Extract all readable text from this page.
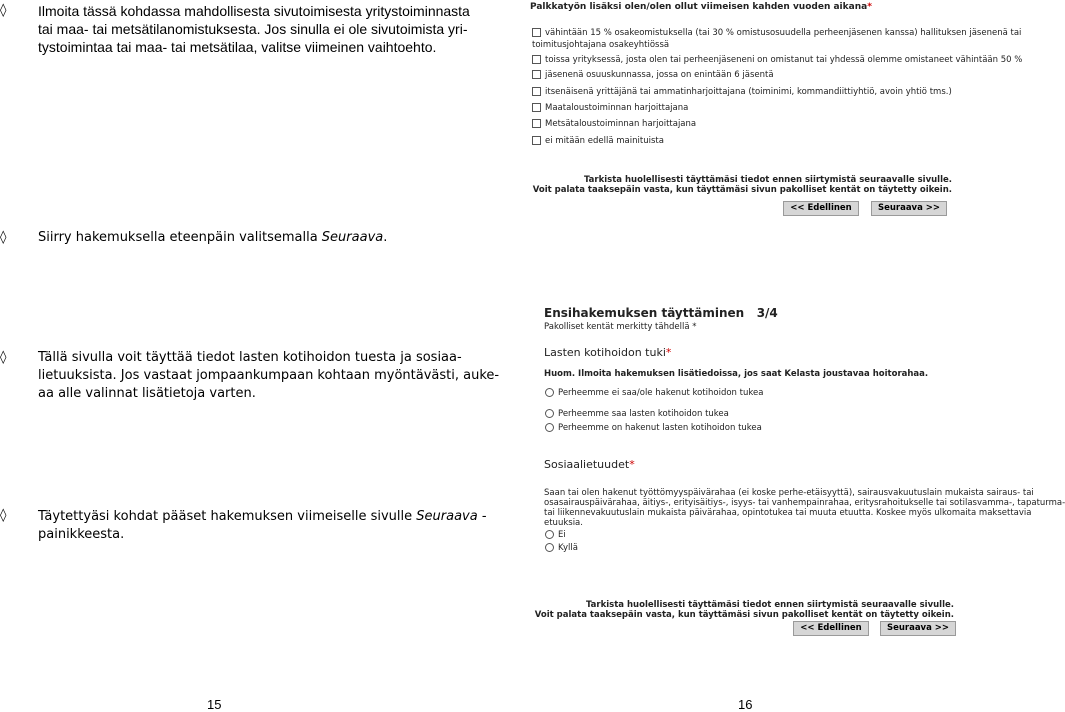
◊ Ilmoita tässä kohdassa mahdollisesta sivutoimisesta yritystoiminnasta
tai maa- tai metsätilanomistuksesta. Jos sinulla ei ole sivutoimista yri-
tystoimintaa tai maa- tai metsätilaa, valitse viimeinen vaihtoehto.
◊ Siirry hakemuksella eteenpäin valitsemalla Seuraava.
◊ Tällä sivulla voit täyttää tiedot lasten kotihoidon tuesta ja sosiaa-
lietuuksista. Jos vastaat jompaankumpaan kohtaan myöntävästi, auke-
aa alle valinnat lisätietoja varten.
◊ Täytettyäsi kohdat pääset hakemuksen viimeiselle sivulle Seuraava -
painikkeesta.
Palkkatyön lisäksi olen/olen ollut viimeisen kahden vuoden aikana*
vähintään 15 % osakeomistuksella (tai 30 % omistusosuudella perheenjäsenen kanssa) hallituksen jäsenenä tai
toimitusjohtajana osakeyhtiössä
toissa yrityksessä, josta olen tai perheenjäseneni on omistanut tai yhdessä olemme omistaneet vähintään 50 %
jäsenenä osuuskunnassa, jossa on enintään 6 jäsentä
itsenäisenä yrittäjänä tai ammatinharjoittajana (toiminimi, kommandiittiyhtiö, avoin yhtiö tms.)
Maataloustoiminnan harjoittajana
Metsätaloustoiminnan harjoittajana
ei mitään edellä mainituista
Tarkista huolellisesti täyttämäsi tiedot ennen siirtymistä seuraavalle sivulle.
Voit palata taaksepäin vasta, kun täyttämäsi sivun pakolliset kentät on täytetty oikein.
<< Edellinen	Seuraava >>
Ensihakemuksen täyttäminen   3/4
Pakolliset kentät merkitty tähdellä *
Lasten kotihoidon tuki*
Huom. Ilmoita hakemuksen lisätiedoissa, jos saat Kelasta joustavaa hoitorahaa.
Perheemme ei saa/ole hakenut kotihoidon tukea
Perheemme saa lasten kotihoidon tukea
Perheemme on hakenut lasten kotihoidon tukea
Sosiaalietuudet*
Saan tai olen hakenut työttömyyspäivärahaa (ei koske perhe-etäisyyttä), sairausvakuutuslain mukaista sairaus- tai
osasairauspäivärahaa, äitiys-, erityisäitiys-, isyys- tai vanhempainrahaa, eritysrahoitukselle tai sotilasvamma-, tapaturma-
tai liikennevakuutuslain mukaista päivärahaa, opintotukea tai muuta etuutta. Koskee myös ulkomaita maksettavia
etuuksia.
Ei
Kyllä
Tarkista huolellisesti täyttämäsi tiedot ennen siirtymistä seuraavalle sivulle.
Voit palata taaksepäin vasta, kun täyttämäsi sivun pakolliset kentät on täytetty oikein.
<< Edellinen	Seuraava >>
15	16
